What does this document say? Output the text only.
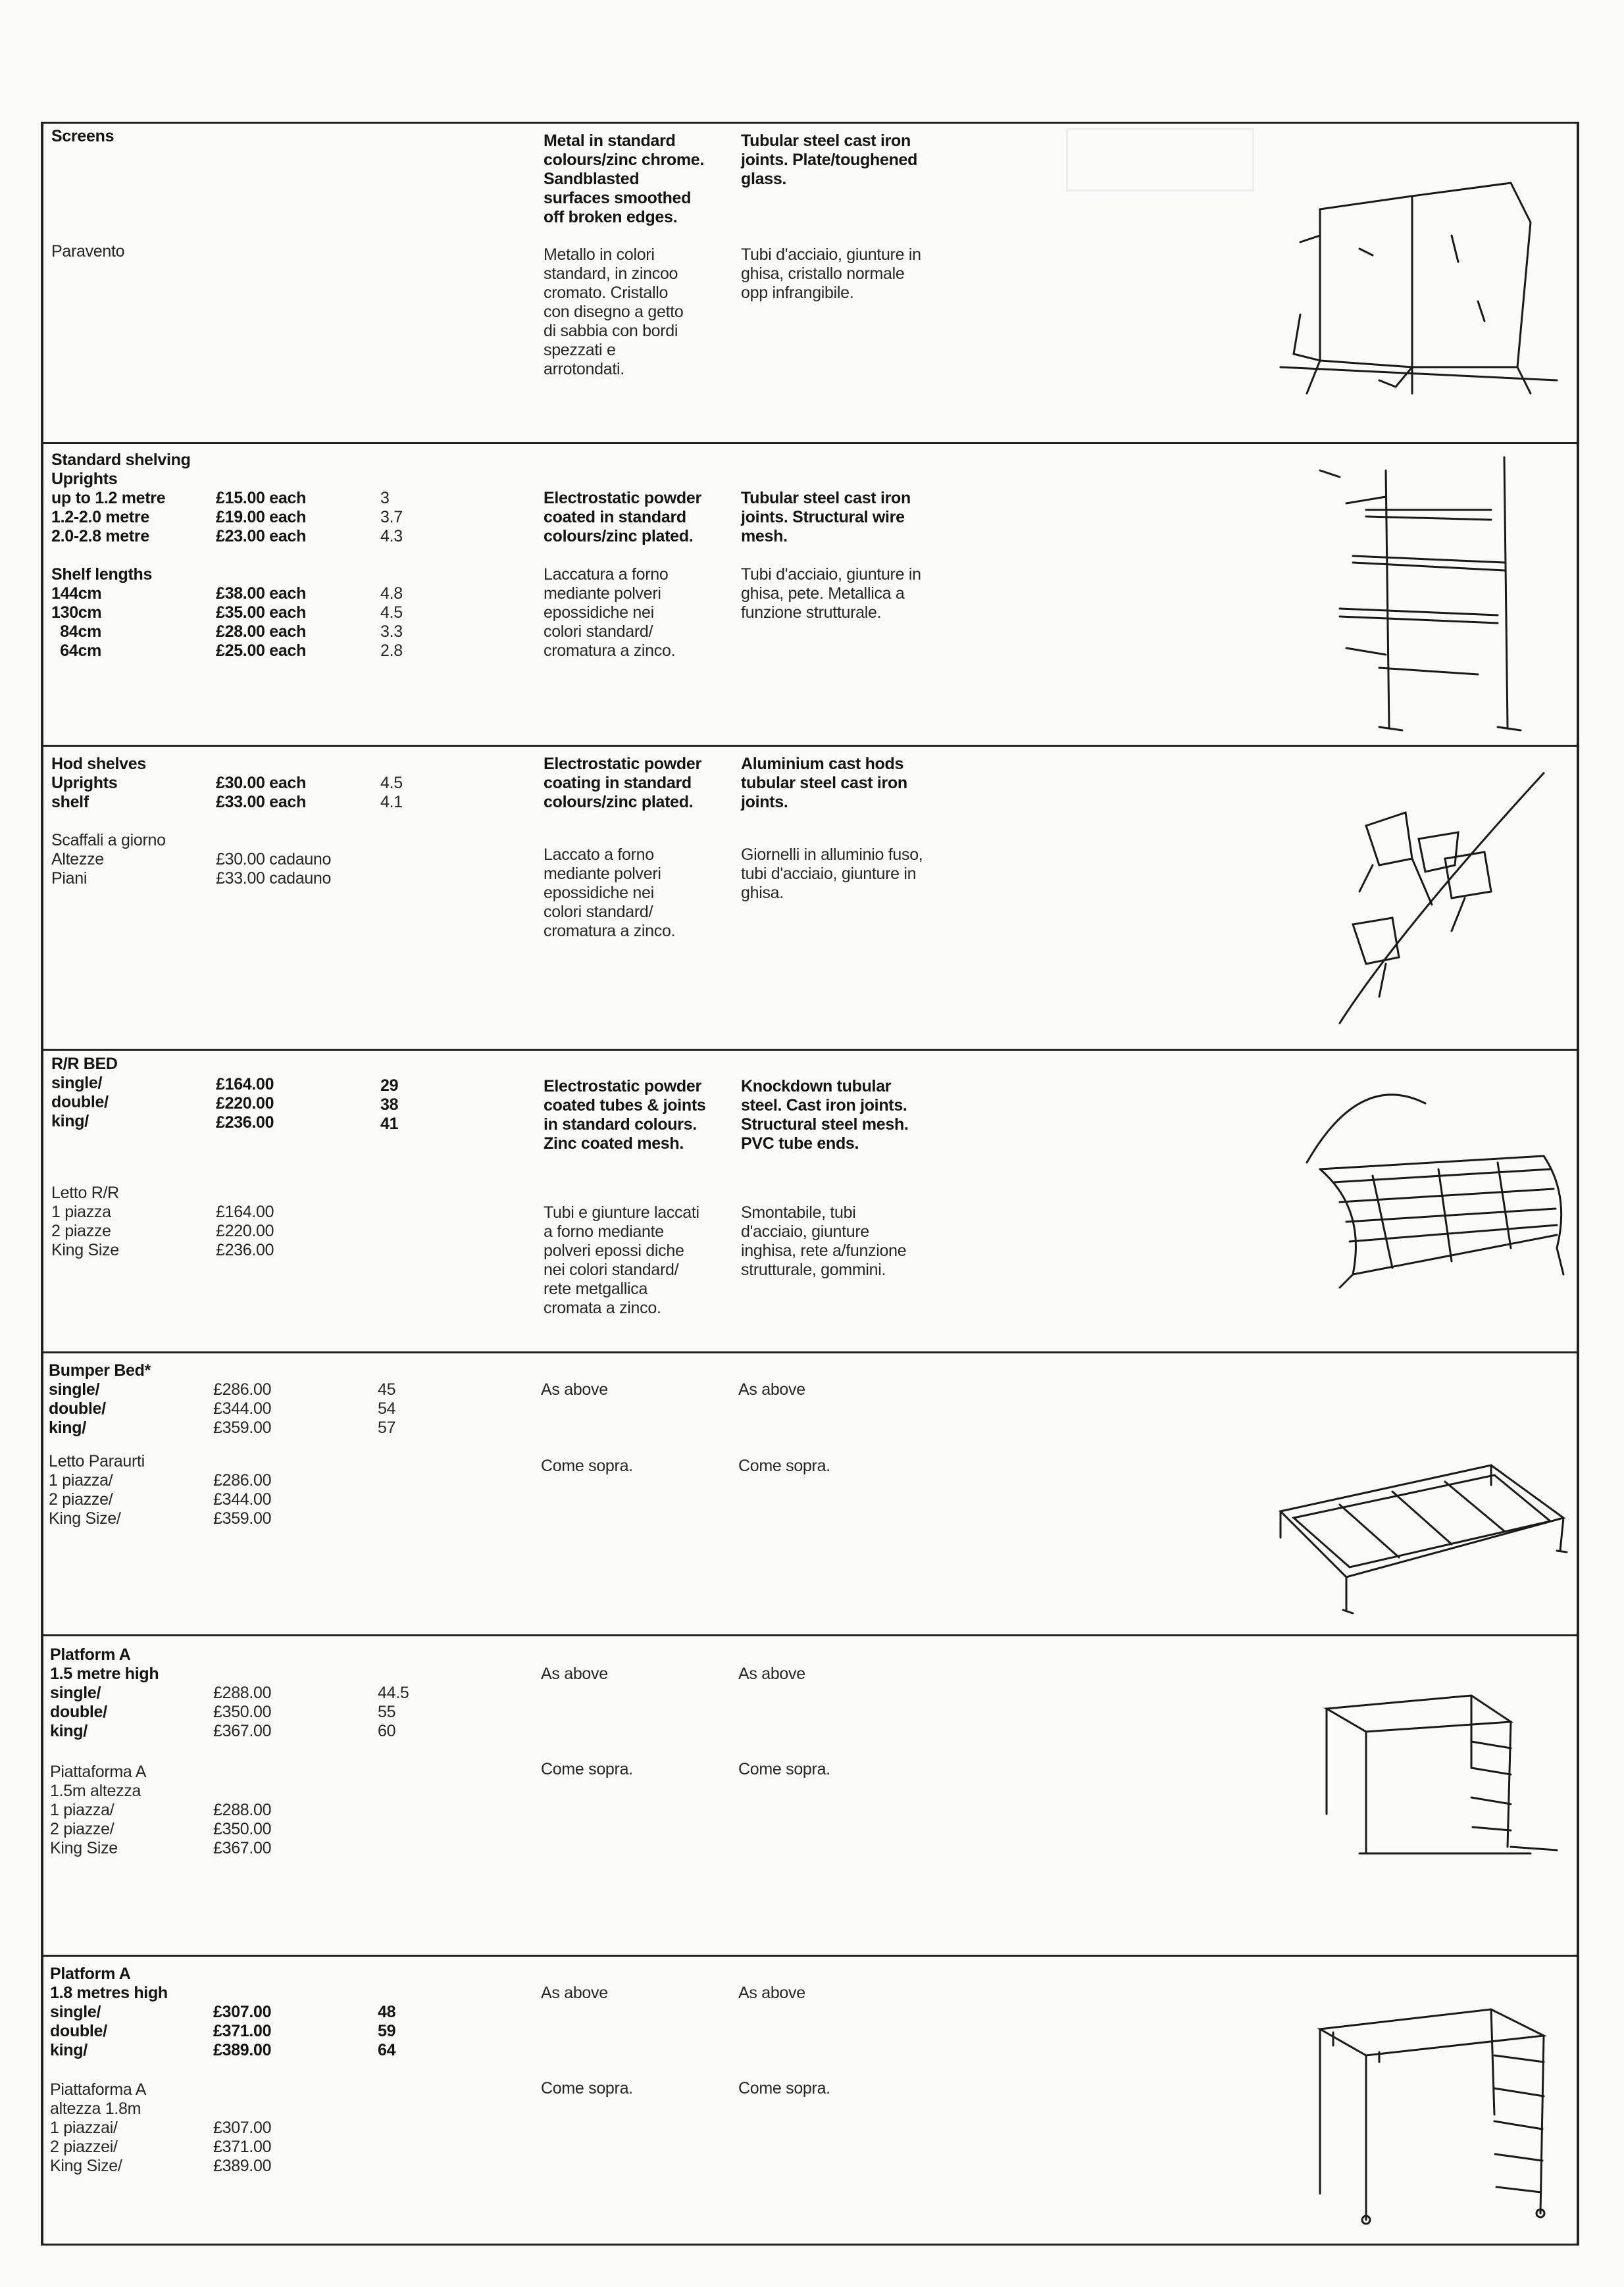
Screens
Paravento
Metal in standard
colours/zinc chrome.
Sandblasted
surfaces smoothed
off broken edges.
Metallo in colori
standard, in zincoo
cromato. Cristallo
con disegno a getto
di sabbia con bordi
spezzati e
arrotondati.
Tubular steel cast iron
joints. Plate/toughened
glass.
Tubi d'acciaio, giunture in
ghisa, cristallo normale
opp infrangibile.
Standard shelving
Uprights
up to 1.2 metre
1.2-2.0 metre
2.0-2.8 metre
£15.00 each
£19.00 each
£23.00 each
3
3.7
4.3
Shelf lengths
144cm
130cm
84cm
64cm
£38.00 each
£35.00 each
£28.00 each
£25.00 each
4.8
4.5
3.3
2.8
Electrostatic powder
coated in standard
colours/zinc plated.
Laccatura a forno
mediante polveri
epossidiche nei
colori standard/
cromatura a zinco.
Tubular steel cast iron
joints. Structural wire
mesh.
Tubi d'acciaio, giunture in
ghisa, pete. Metallica a
funzione strutturale.
Hod shelves
Uprights
shelf
£30.00 each
£33.00 each
4.5
4.1
Scaffali a giorno
Altezze
Piani
£30.00 cadauno
£33.00 cadauno
Electrostatic powder
coating in standard
colours/zinc plated.
Laccato a forno
mediante polveri
epossidiche nei
colori standard/
cromatura a zinco.
Aluminium cast hods
tubular steel cast iron
joints.
Giornelli in alluminio fuso,
tubi d'acciaio, giunture in
ghisa.
R/R BED
single/
double/
king/

£164.00
£220.00
£236.00

29
38
41
Letto R/R
1 piazza
2 piazze
King Size

£164.00
£220.00
£236.00
Electrostatic powder
coated tubes & joints
in standard colours.
Zinc coated mesh.
Tubi e giunture laccati
a forno mediante
polveri epossi diche
nei colori standard/
rete metgallica
cromata a zinco.
Knockdown tubular
steel. Cast iron joints.
Structural steel mesh.
PVC tube ends.
Smontabile, tubi
d'acciaio, giunture
inghisa, rete a/funzione
strutturale, gommini.
Bumper Bed*
single/
double/
king/

£286.00
£344.00
£359.00

45
54
57
Letto Paraurti
1 piazza/
2 piazze/
King Size/

£286.00
£344.00
£359.00
As above
Come sopra.
As above
Come sopra.
Platform A
1.5 metre high
single/
double/
king/

£288.00
£350.00
£367.00

44.5
55
60
Piattaforma A
1.5m altezza
1 piazza/
2 piazze/
King Size

£288.00
£350.00
£367.00
As above
Come sopra.
As above
Come sopra.
Platform A
1.8 metres high
single/
double/
king/

£307.00
£371.00
£389.00

48
59
64
Piattaforma A
altezza 1.8m
1 piazzai/
2 piazzei/
King Size/

£307.00
£371.00
£389.00
As above
Come sopra.
As above
Come sopra.
